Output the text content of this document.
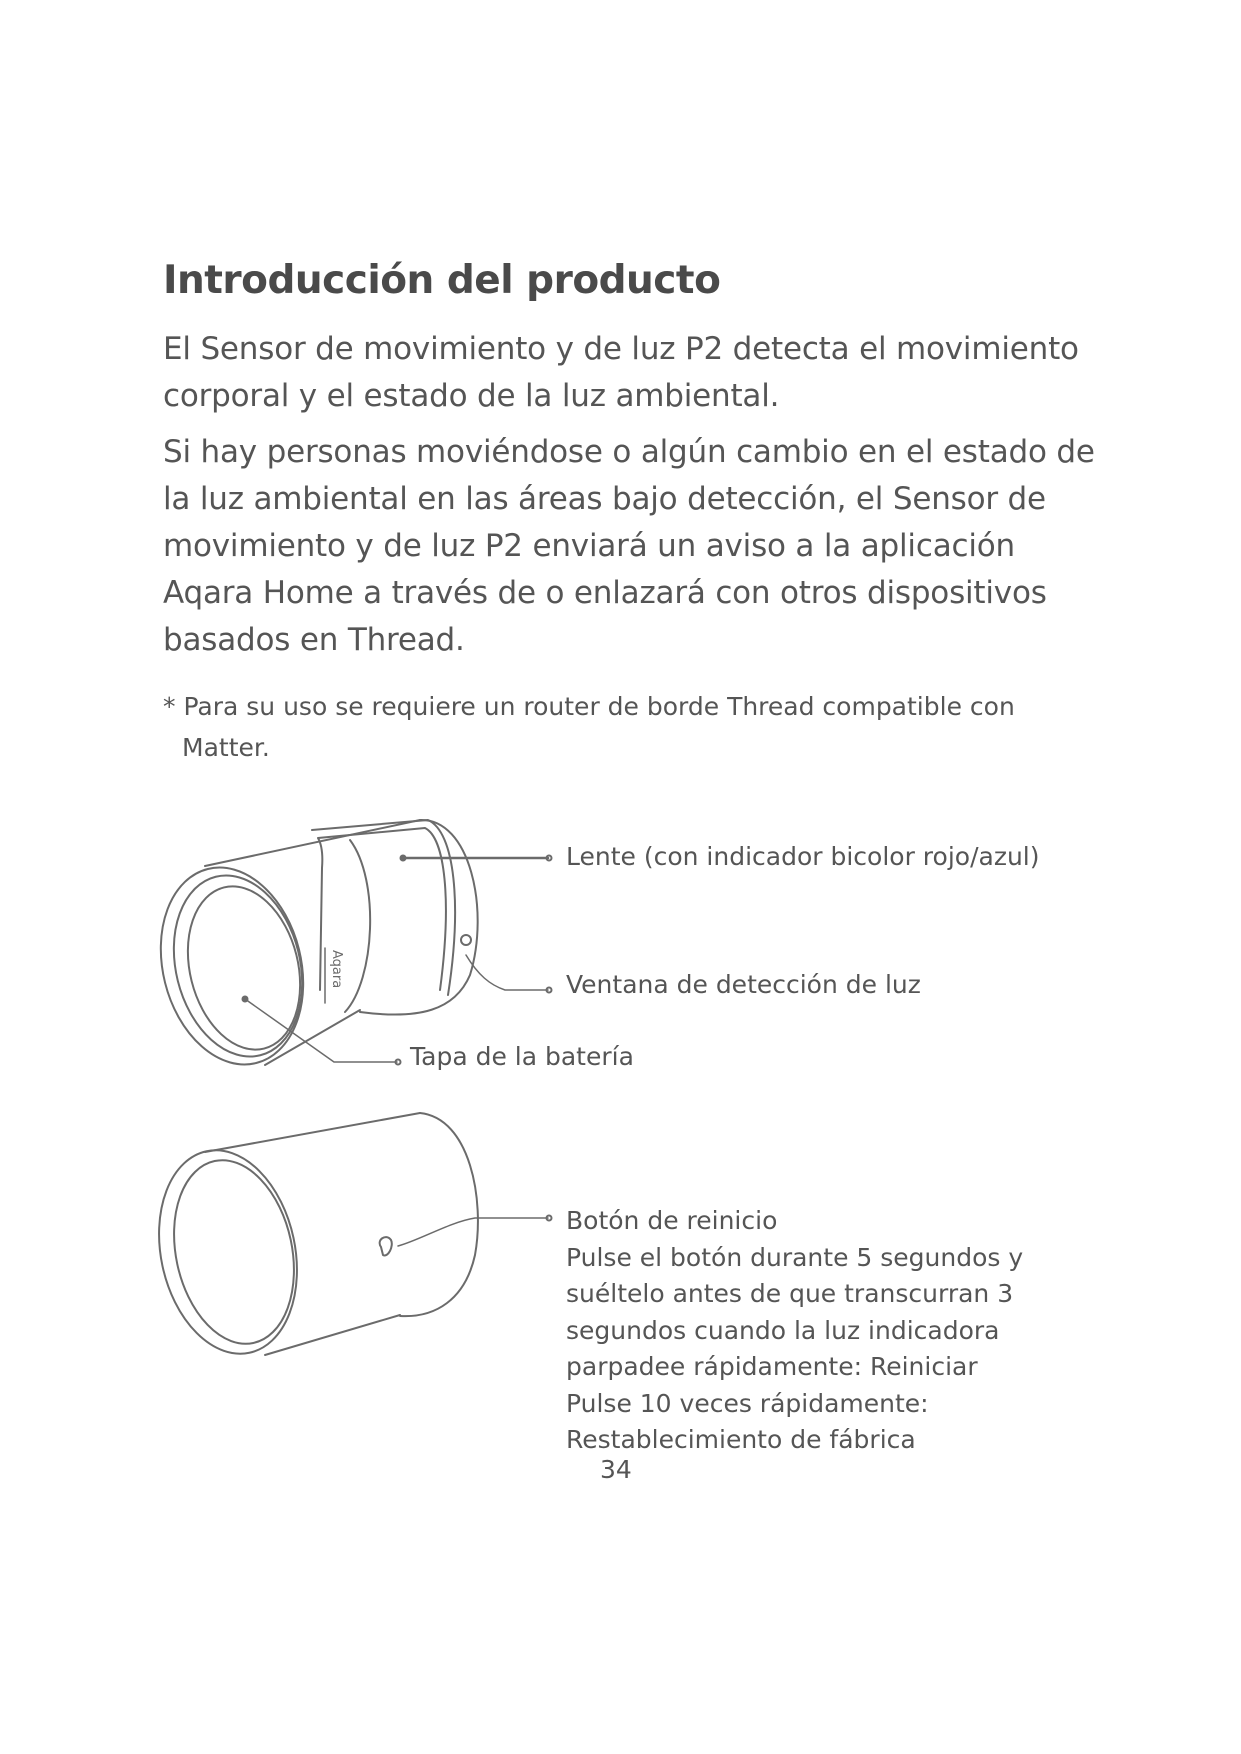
Introducción del producto
El Sensor de movimiento y de luz P2 detecta el movimiento
corporal y el estado de la luz ambiental.
Si hay personas moviéndose o algún cambio en el estado de
la luz ambiental en las áreas bajo detección, el Sensor de
movimiento y de luz P2 enviará un aviso a la aplicación
Aqara Home a través de o enlazará con otros dispositivos
basados en Thread.
* Para su uso se requiere un router de borde Thread compatible con
Matter.
Aqara
Lente (con indicador bicolor rojo/azul)
Ventana de detección de luz
Tapa de la batería
Botón de reinicio
Pulse el botón durante 5 segundos y
suéltelo antes de que transcurran 3
segundos cuando la luz indicadora
parpadee rápidamente: Reiniciar
Pulse 10 veces rápidamente:
Restablecimiento de fábrica
34
